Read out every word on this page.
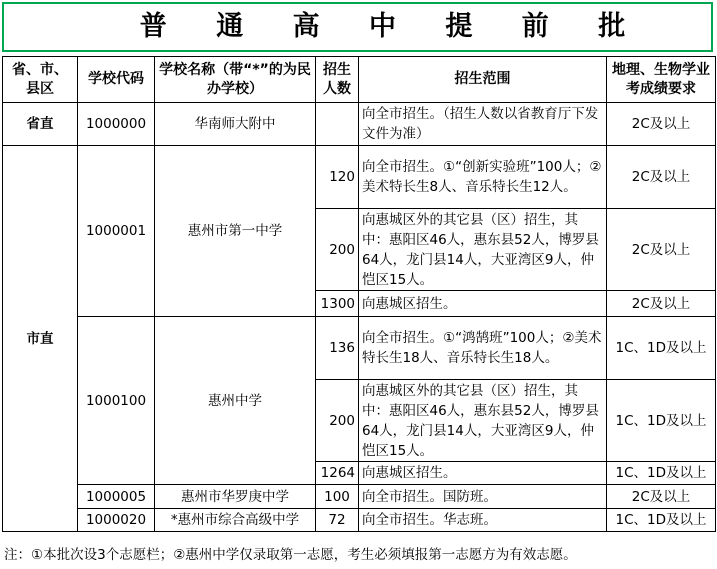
普 通 高 中 提 前 批
省、市、县区	学校代码	学校名称（带“*”的为民办学校）	招生人数	招生范围	地理、生物学业考成绩要求
省直	1000000	华南师大附中		向全市招生。（招生人数以省教育厅下发文件为准）	2C及以上
市直	1000001	惠州市第一中学	120	向全市招生。①“创新实验班”100人；②美术特长生8人、音乐特长生12人。	2C及以上
			200	向惠城区外的其它县（区）招生，其中：惠阳区46人，惠东县52人，博罗县64人，龙门县14人，大亚湾区9人，仲恺区15人。	2C及以上
			1300	向惠城区招生。	2C及以上
	1000100	惠州中学	136	向全市招生。①“鸿鹄班”100人；②美术特长生18人、音乐特长生18人。	1C、1D及以上
			200	向惠城区外的其它县（区）招生，其中：惠阳区46人，惠东县52人，博罗县64人，龙门县14人，大亚湾区9人，仲恺区15人。	1C、1D及以上
			1264	向惠城区招生。	1C、1D及以上
	1000005	惠州市华罗庚中学	100	向全市招生。国防班。	2C及以上
	1000020	*惠州市综合高级中学	72	向全市招生。华志班。	1C、1D及以上
注：①本批次设3个志愿栏；②惠州中学仅录取第一志愿，考生必须填报第一志愿方为有效志愿。
